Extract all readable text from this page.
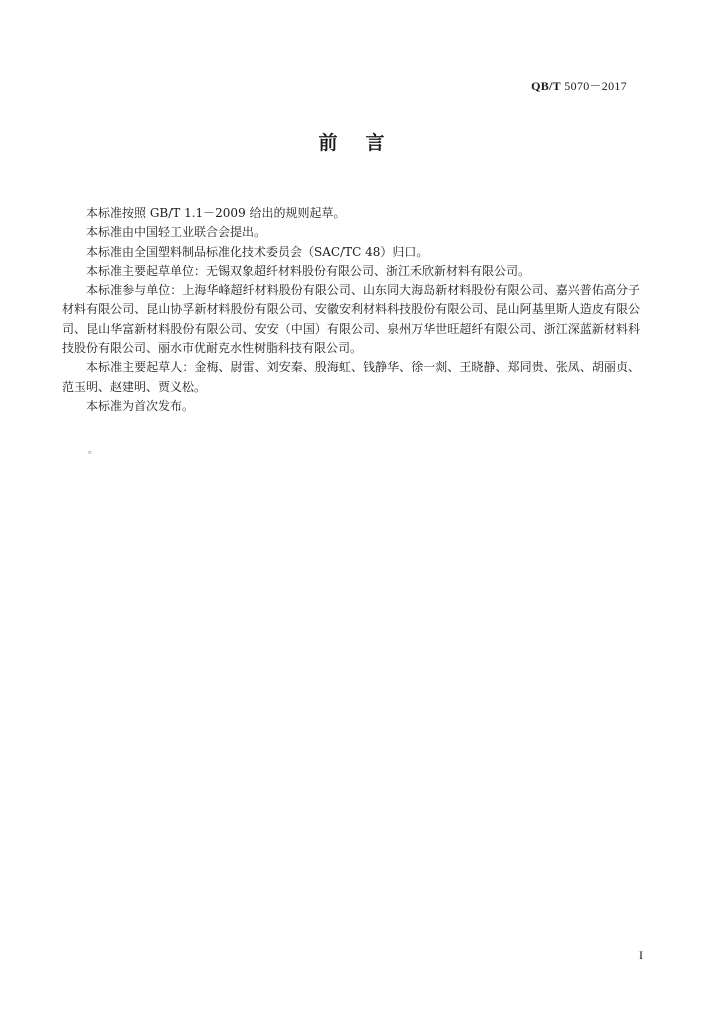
QB/T 5070－2017
前言

本标准按照 GB/T 1.1－2009 给出的规则起草。

本标准由中国轻工业联合会提出。

本标准由全国塑料制品标准化技术委员会（SAC/TC 48）归口。

本标准主要起草单位：无锡双象超纤材料股份有限公司、浙江禾欣新材料有限公司。

本标准参与单位：上海华峰超纤材料股份有限公司、山东同大海岛新材料股份有限公司、嘉兴普佑高分子材料有限公司、昆山协孚新材料股份有限公司、安徽安利材料科技股份有限公司、昆山阿基里斯人造皮有限公司、昆山华富新材料股份有限公司、安安（中国）有限公司、泉州万华世旺超纤有限公司、浙江深蓝新材料科技股份有限公司、丽水市优耐克水性树脂科技有限公司。

本标准主要起草人：金梅、尉雷、刘安秦、殷海虹、钱静华、徐一剡、王晓静、郑同贵、张凤、胡丽贞、范玉明、赵建明、贾义松。

本标准为首次发布。

。
I
